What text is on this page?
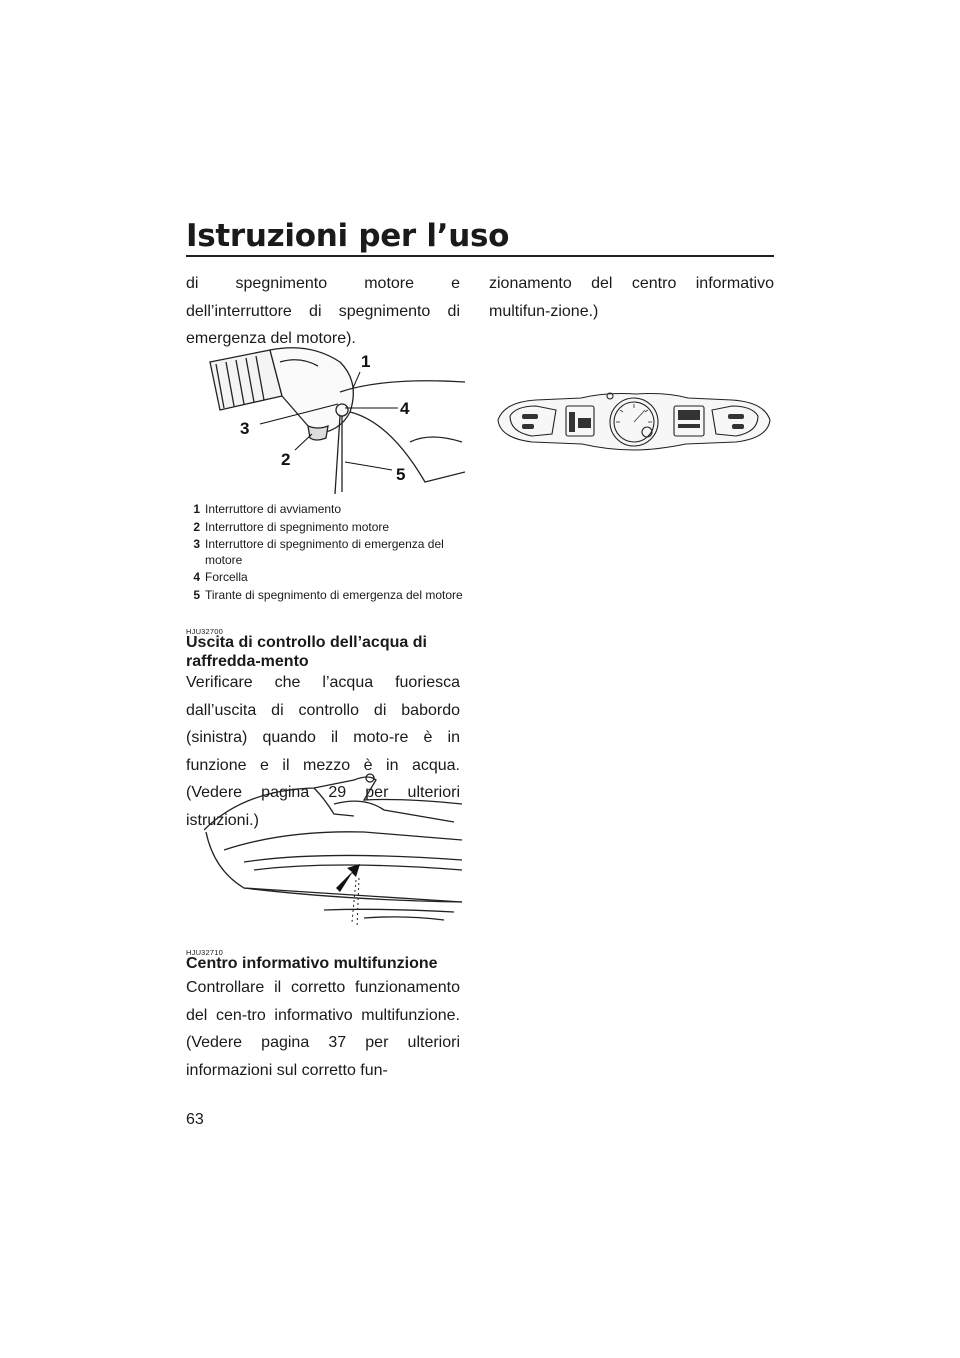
Istruzioni per l’uso
di spegnimento motore e dell’interruttore di spegnimento di emergenza del motore).
zionamento del centro informativo multifun-zione.)
1
4
3
2
5
1 Interruttore di avviamento
2 Interruttore di spegnimento motore
3 Interruttore di spegnimento di emergenza del motore
4 Forcella
5 Tirante di spegnimento di emergenza del motore
HJU32700
Uscita di controllo dell’acqua di raffredda-mento
Verificare che l’acqua fuoriesca dall’uscita di controllo di babordo (sinistra) quando il moto-re è in funzione e il mezzo è in acqua. (Vedere pagina 29 per ulteriori istruzioni.)
HJU32710
Centro informativo multifunzione
Controllare il corretto funzionamento del cen-tro informativo multifunzione. (Vedere pagina 37 per ulteriori informazioni sul corretto fun-
63
